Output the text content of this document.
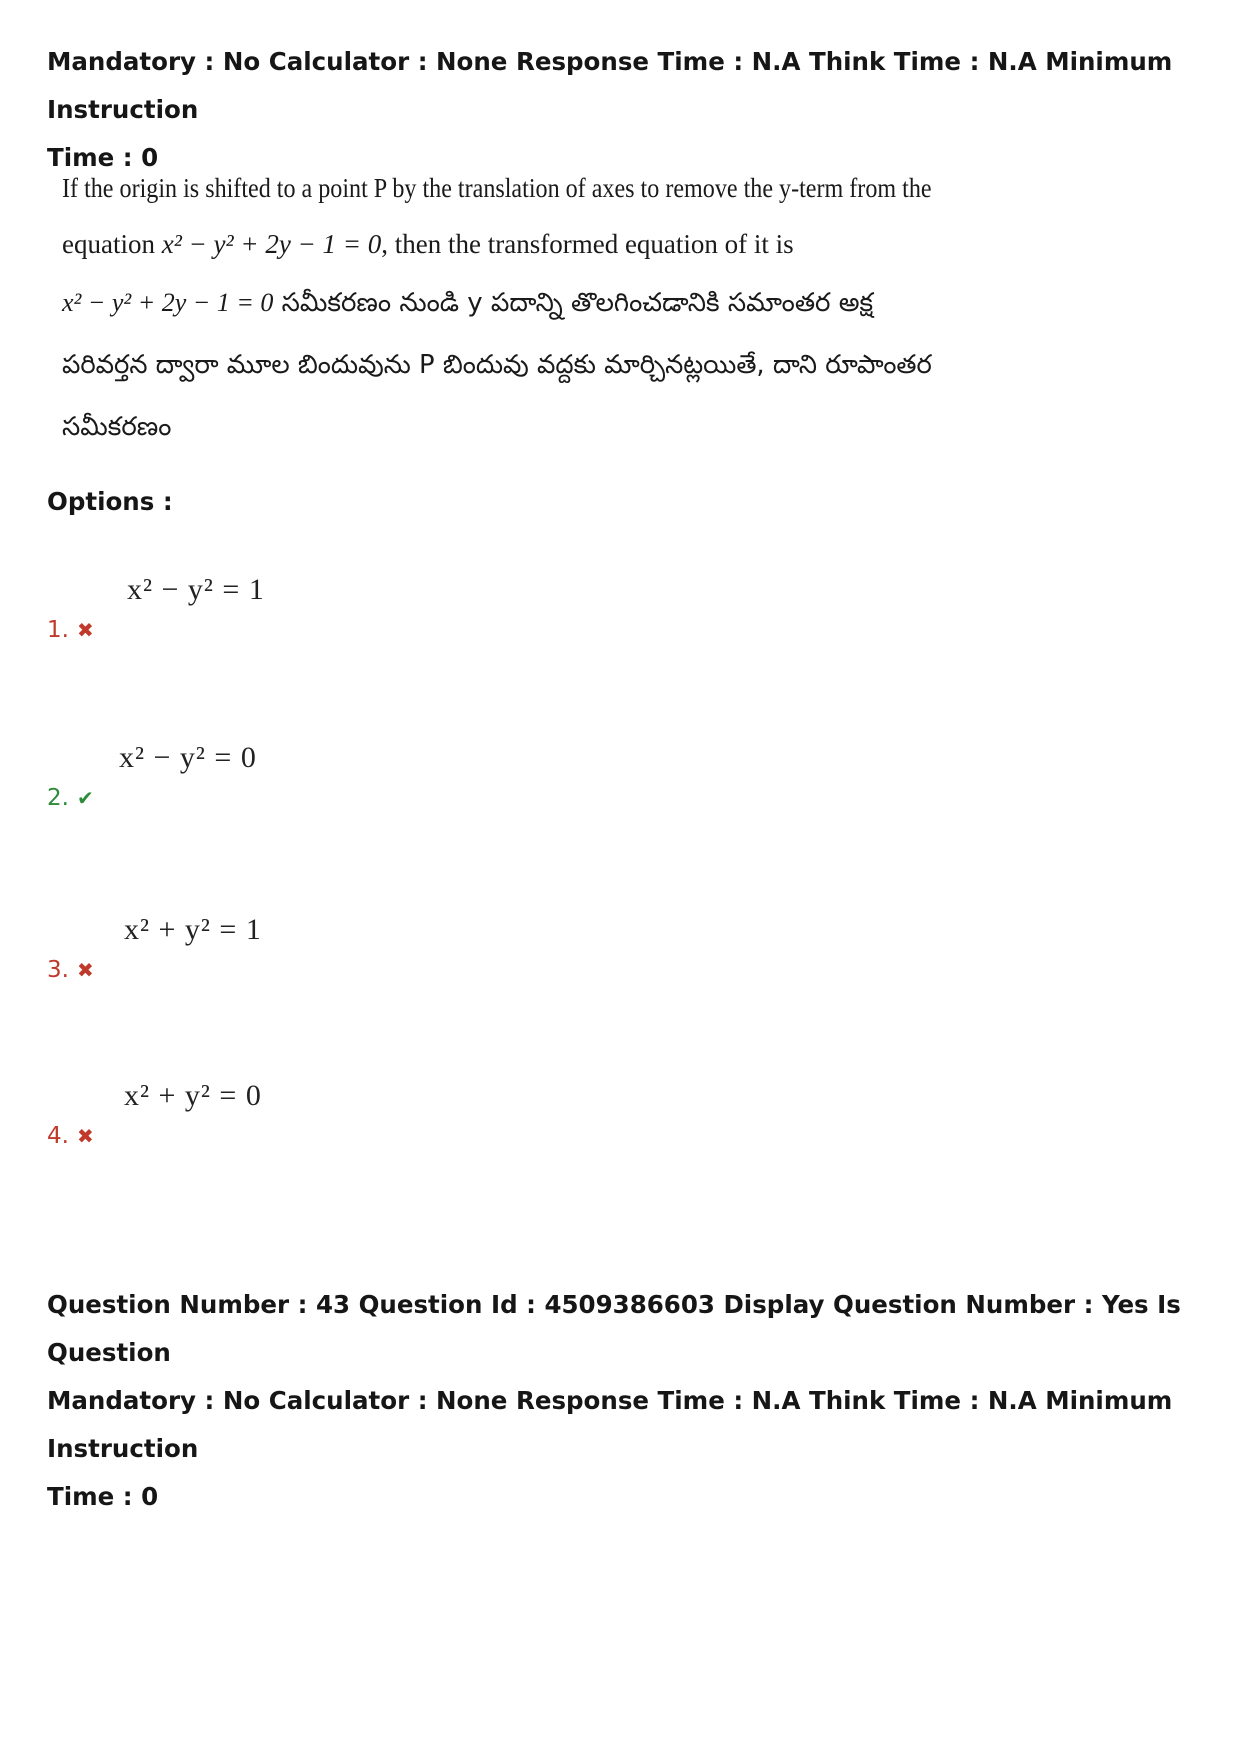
Mandatory : No Calculator : None Response Time : N.A Think Time : N.A Minimum Instruction
Time : 0
If the origin is shifted to a point P by the translation of axes to remove the y-term from the
equation x² − y² + 2y − 1 = 0, then the transformed equation of it is
x² − y² + 2y − 1 = 0 సమీకరణం నుండి y పదాన్ని తొలగించడానికి సమాంతర అక్ష
పరివర్తన ద్వారా మూల బిందువును P బిందువు వద్దకు మార్చినట్లయితే, దాని రూపాంతర
సమీకరణం
Options :
x² − y² = 1
1. ✖
x² − y² = 0
2. ✔
x² + y² = 1
3. ✖
x² + y² = 0
4. ✖
Question Number : 43 Question Id : 4509386603 Display Question Number : Yes Is Question
Mandatory : No Calculator : None Response Time : N.A Think Time : N.A Minimum Instruction
Time : 0
